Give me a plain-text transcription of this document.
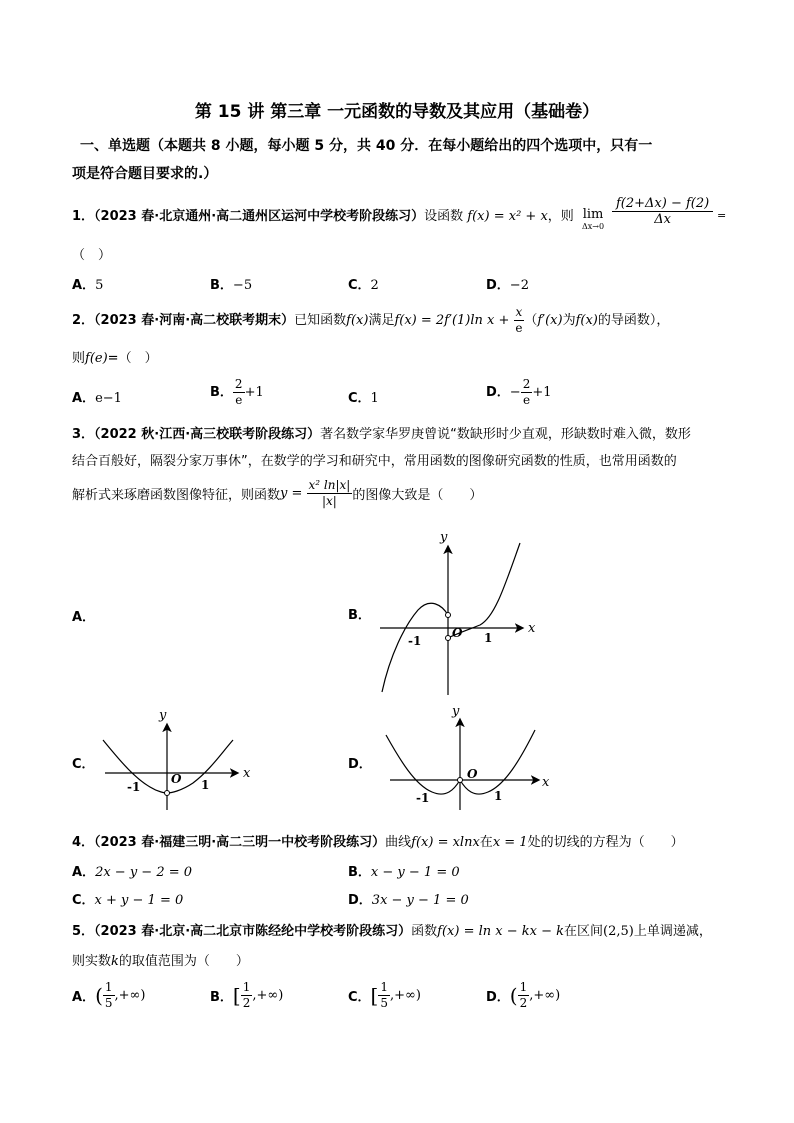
第 15 讲 第三章 一元函数的导数及其应用（基础卷）
一、单选题（本题共 8 小题，每小题 5 分，共 40 分．在每小题给出的四个选项中，只有一
项是符合题目要求的.）
1．（2023 春·北京通州·高二通州区运河中学校考阶段练习）设函数 f(x) = x² + x，则 lim
$\Delta x\to 0 \frac{f(2+\Delta x) - f(2)}{\Delta x}$ =
（　）
A．5	B．−5	C．2	D．−2
2．（2023 春·河南·高二校联考期末）已知函数f(x)满足f(x) = 2f′(1)ln $x + \frac{x}{e} (f'(x)$为f(x)的导函数），
则f(e)=（　）
A．e−1	B． $\frac{2}{e} +1$	C．1	D．− $\frac{2}{e} +1$
3．（2022 秋·江西·高三校联考阶段练习）著名数学家华罗庚曾说“数缺形时少直观，形缺数时难入微，数形
结合百般好，隔裂分家万事休”，在数学的学习和研究中，常用函数的图像研究函数的性质，也常用函数的
解析式来琢磨函数图像特征，则函数$y = \frac{\text{x² ln|x|}}{|x|}$ 的图像大致是（　　）
A．	B．
C．	D．
x
y
O
-1	1
x
y
O
-1	1	x
y
O
-1	1
4．（2023 春·福建三明·高二三明一中校考阶段练习）曲线f(x) = xlnx在x = 1处的切线的方程为（　　）
A．2x − y − 2 = 0	B．x − y − 1 = 0
C．x + y − 1 = 0	D．3x − y − 1 = 0
5．（2023 春·北京·高二北京市陈经纶中学校考阶段练习）函数f(x) = ln x − kx − k在区间(2,5)上单调递减，
则实数k的取值范围为（　　）
A．( $\frac{1}{5}$ ,+∞)	B．[ $\frac{1}{2}$ ,+∞)	C．[ $\frac{1}{5}$ ,+∞)	D．( $\frac{1}{2}$ ,+∞)
